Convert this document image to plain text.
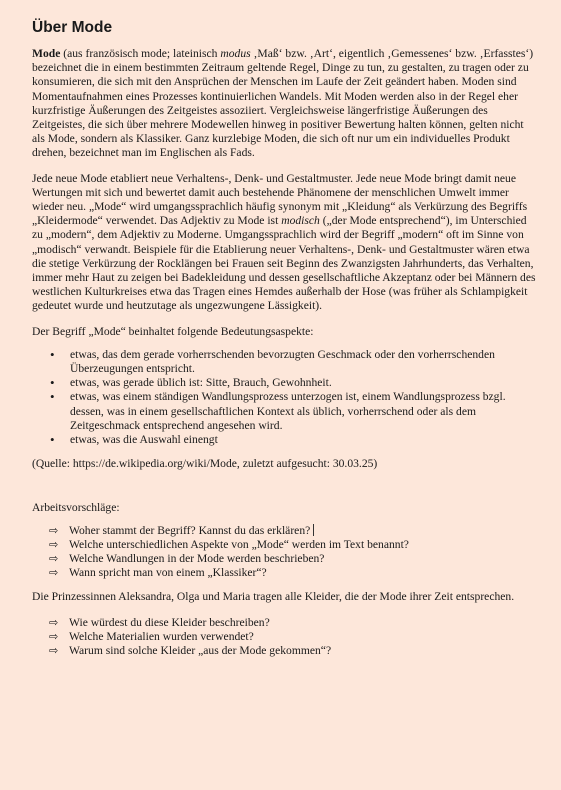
Über Mode

Mode (aus französisch mode; lateinisch modus ‚Maß‘ bzw. ‚Art‘, eigentlich ‚Gemessenes‘ bzw. ‚Erfasstes‘) bezeichnet die in einem bestimmten Zeitraum geltende Regel, Dinge zu tun, zu gestalten, zu tragen oder zu konsumieren, die sich mit den Ansprüchen der Menschen im Laufe der Zeit geändert haben. Moden sind Momentaufnahmen eines Prozesses kontinuierlichen Wandels. Mit Moden werden also in der Regel eher kurzfristige Äußerungen des Zeitgeistes assoziiert. Vergleichsweise längerfristige Äußerungen des Zeitgeistes, die sich über mehrere Modewellen hinweg in positiver Bewertung halten können, gelten nicht als Mode, sondern als Klassiker. Ganz kurzlebige Moden, die sich oft nur um ein individuelles Produkt drehen, bezeichnet man im Englischen als Fads.

Jede neue Mode etabliert neue Verhaltens-, Denk- und Gestaltmuster. Jede neue Mode bringt damit neue Wertungen mit sich und bewertet damit auch bestehende Phänomene der menschlichen Umwelt immer wieder neu. „Mode“ wird umgangssprachlich häufig synonym mit „Kleidung“ als Verkürzung des Begriffs „Kleidermode“ verwendet. Das Adjektiv zu Mode ist modisch („der Mode entsprechend“), im Unterschied zu „modern“, dem Adjektiv zu Moderne. Umgangssprachlich wird der Begriff „modern“ oft im Sinne von „modisch“ verwandt. Beispiele für die Etablierung neuer Verhaltens-, Denk- und Gestaltmuster wären etwa die stetige Verkürzung der Rocklängen bei Frauen seit Beginn des Zwanzigsten Jahrhunderts, das Verhalten, immer mehr Haut zu zeigen bei Badekleidung und dessen gesellschaftliche Akzeptanz oder bei Männern des westlichen Kulturkreises etwa das Tragen eines Hemdes außerhalb der Hose (was früher als Schlampigkeit gedeutet wurde und heutzutage als ungezwungene Lässigkeit).

Der Begriff „Mode“ beinhaltet folgende Bedeutungsaspekte:

• etwas, das dem gerade vorherrschenden bevorzugten Geschmack oder den vorherrschenden Überzeugungen entspricht.
• etwas, was gerade üblich ist: Sitte, Brauch, Gewohnheit.
• etwas, was einem ständigen Wandlungsprozess unterzogen ist, einem Wandlungsprozess bzgl. dessen, was in einem gesellschaftlichen Kontext als üblich, vorherrschend oder als dem Zeitgeschmack entsprechend angesehen wird.
• etwas, was die Auswahl einengt

(Quelle: https://de.wikipedia.org/wiki/Mode, zuletzt aufgesucht: 30.03.25)

Arbeitsvorschläge:

⇨ Woher stammt der Begriff? Kannst du das erklären?
⇨ Welche unterschiedlichen Aspekte von „Mode“ werden im Text benannt?
⇨ Welche Wandlungen in der Mode werden beschrieben?
⇨ Wann spricht man von einem „Klassiker“?

Die Prinzessinnen Aleksandra, Olga und Maria tragen alle Kleider, die der Mode ihrer Zeit entsprechen.

⇨ Wie würdest du diese Kleider beschreiben?
⇨ Welche Materialien wurden verwendet?
⇨ Warum sind solche Kleider „aus der Mode gekommen“?
